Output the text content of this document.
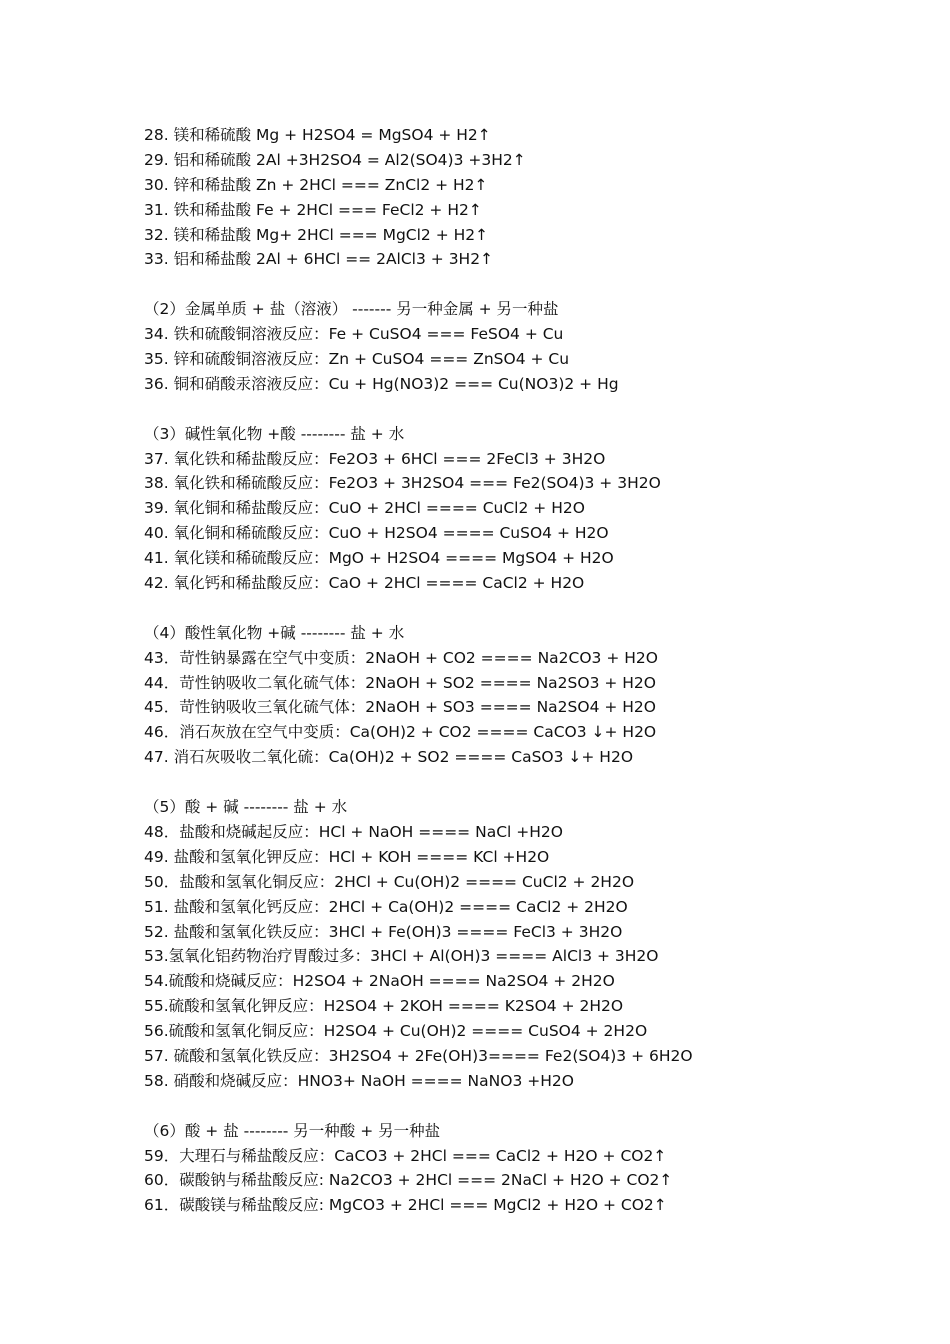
28. 镁和稀硫酸 Mg + H2SO4 = MgSO4 + H2↑
29. 铝和稀硫酸 2Al +3H2SO4 = Al2(SO4)3 +3H2↑
30. 锌和稀盐酸 Zn + 2HCl === ZnCl2 + H2↑
31. 铁和稀盐酸 Fe + 2HCl === FeCl2 + H2↑
32. 镁和稀盐酸 Mg+ 2HCl === MgCl2 + H2↑
33. 铝和稀盐酸 2Al + 6HCl == 2AlCl3 + 3H2↑
（2）金属单质 + 盐（溶液） ------- 另一种金属 + 另一种盐
34. 铁和硫酸铜溶液反应：Fe + CuSO4 === FeSO4 + Cu
35. 锌和硫酸铜溶液反应：Zn + CuSO4 === ZnSO4 + Cu
36. 铜和硝酸汞溶液反应：Cu + Hg(NO3)2 === Cu(NO3)2 + Hg
（3）碱性氧化物 +酸 -------- 盐 + 水
37. 氧化铁和稀盐酸反应：Fe2O3 + 6HCl === 2FeCl3 + 3H2O
38. 氧化铁和稀硫酸反应：Fe2O3 + 3H2SO4 === Fe2(SO4)3 + 3H2O
39. 氧化铜和稀盐酸反应：CuO + 2HCl ==== CuCl2 + H2O
40. 氧化铜和稀硫酸反应：CuO + H2SO4 ==== CuSO4 + H2O
41. 氧化镁和稀硫酸反应：MgO + H2SO4 ==== MgSO4 + H2O
42. 氧化钙和稀盐酸反应：CaO + 2HCl ==== CaCl2 + H2O
（4）酸性氧化物 +碱 -------- 盐 + 水
43．苛性钠暴露在空气中变质：2NaOH + CO2 ==== Na2CO3 + H2O
44．苛性钠吸收二氧化硫气体：2NaOH + SO2 ==== Na2SO3 + H2O
45．苛性钠吸收三氧化硫气体：2NaOH + SO3 ==== Na2SO4 + H2O
46．消石灰放在空气中变质：Ca(OH)2 + CO2 ==== CaCO3 ↓+ H2O
47. 消石灰吸收二氧化硫：Ca(OH)2 + SO2 ==== CaSO3 ↓+ H2O
（5）酸 + 碱 -------- 盐 + 水
48．盐酸和烧碱起反应：HCl + NaOH ==== NaCl +H2O
49. 盐酸和氢氧化钾反应：HCl + KOH ==== KCl +H2O
50．盐酸和氢氧化铜反应：2HCl + Cu(OH)2 ==== CuCl2 + 2H2O
51. 盐酸和氢氧化钙反应：2HCl + Ca(OH)2 ==== CaCl2 + 2H2O
52. 盐酸和氢氧化铁反应：3HCl + Fe(OH)3 ==== FeCl3 + 3H2O
53.氢氧化铝药物治疗胃酸过多：3HCl + Al(OH)3 ==== AlCl3 + 3H2O
54.硫酸和烧碱反应：H2SO4 + 2NaOH ==== Na2SO4 + 2H2O
55.硫酸和氢氧化钾反应：H2SO4 + 2KOH ==== K2SO4 + 2H2O
56.硫酸和氢氧化铜反应：H2SO4 + Cu(OH)2 ==== CuSO4 + 2H2O
57. 硫酸和氢氧化铁反应：3H2SO4 + 2Fe(OH)3==== Fe2(SO4)3 + 6H2O
58. 硝酸和烧碱反应：HNO3+ NaOH ==== NaNO3 +H2O
（6）酸 + 盐 -------- 另一种酸 + 另一种盐
59．大理石与稀盐酸反应：CaCO3 + 2HCl === CaCl2 + H2O + CO2↑
60．碳酸钠与稀盐酸反应: Na2CO3 + 2HCl === 2NaCl + H2O + CO2↑
61．碳酸镁与稀盐酸反应: MgCO3 + 2HCl === MgCl2 + H2O + CO2↑
